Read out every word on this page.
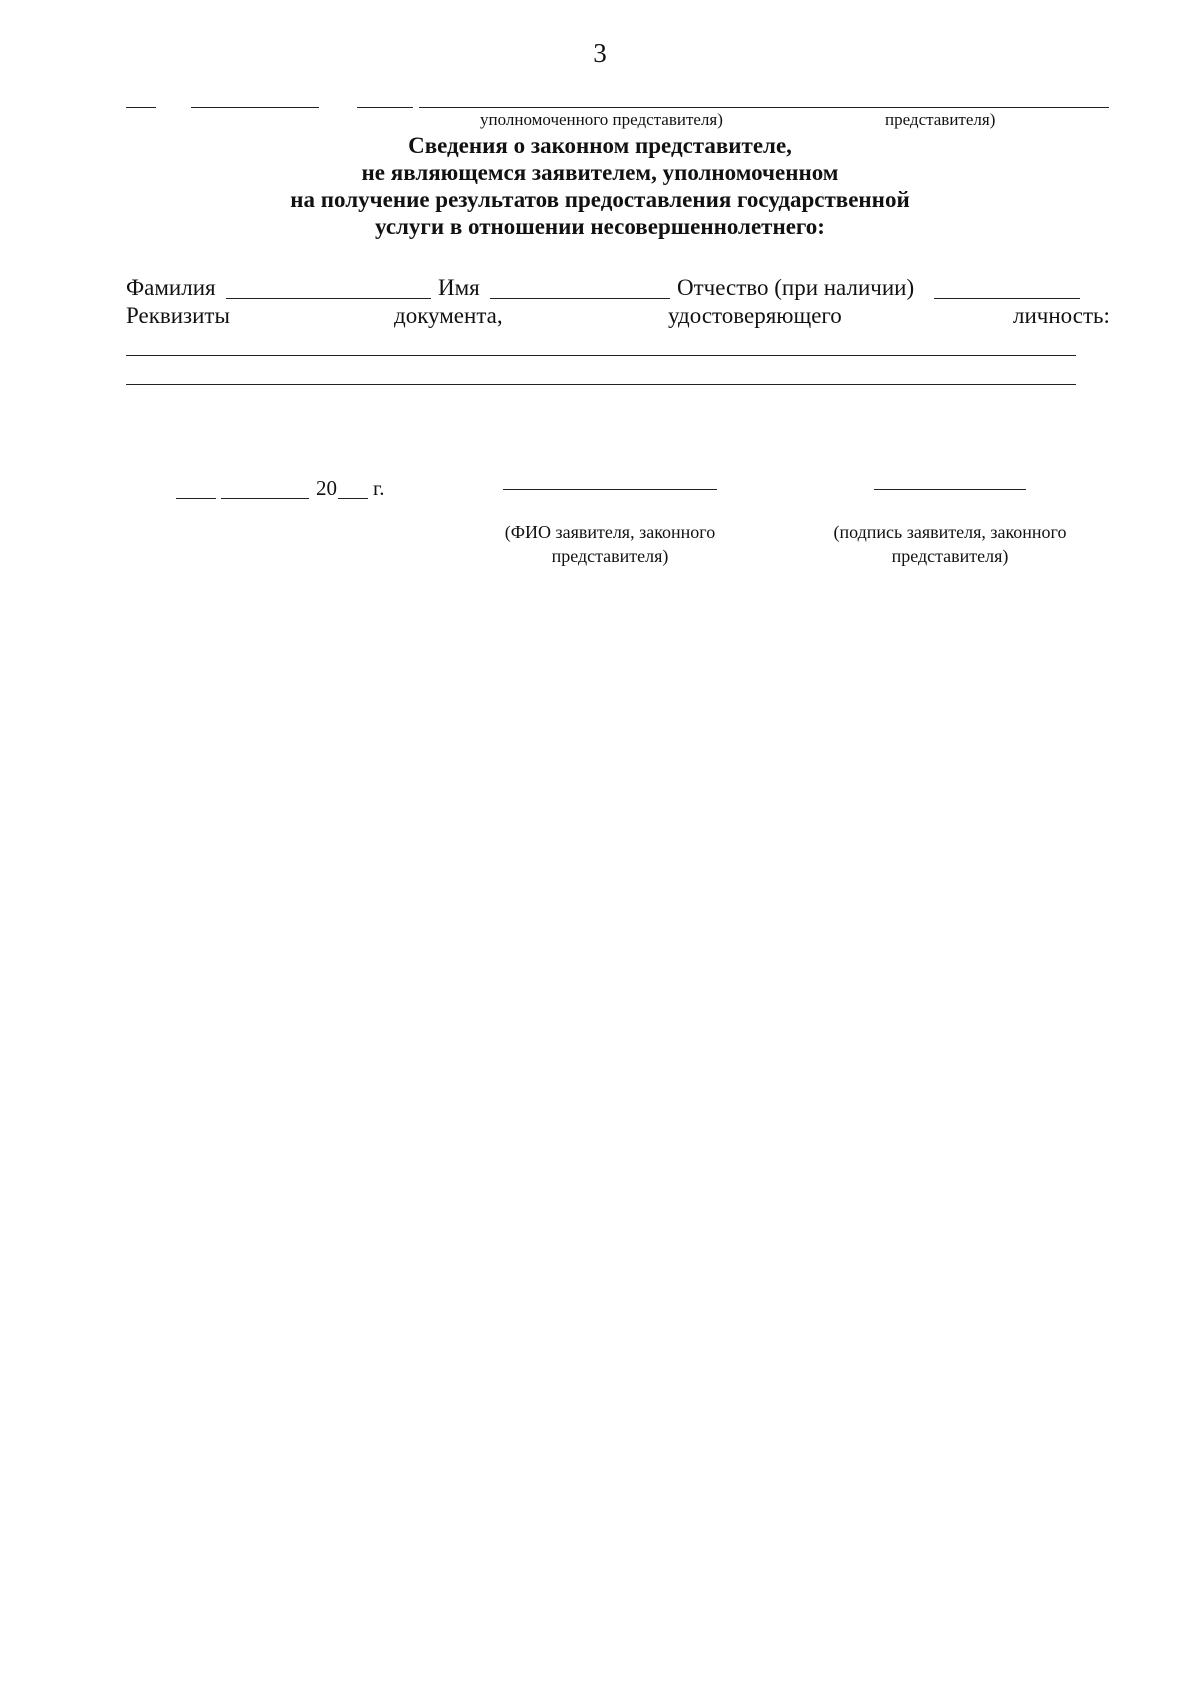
3
уполномоченного представителя)	представителя)
Сведения о законном представителе,
не являющемся заявителем, уполномоченном
на получение результатов предоставления государственной
услуги в отношении несовершеннолетнего:
Фамилия	Имя	Отчество (при наличии)
Реквизиты	документа,	удостоверяющего	личность:
20 г.
(ФИО заявителя, законного
представителя)
(подпись заявителя, законного
представителя)
